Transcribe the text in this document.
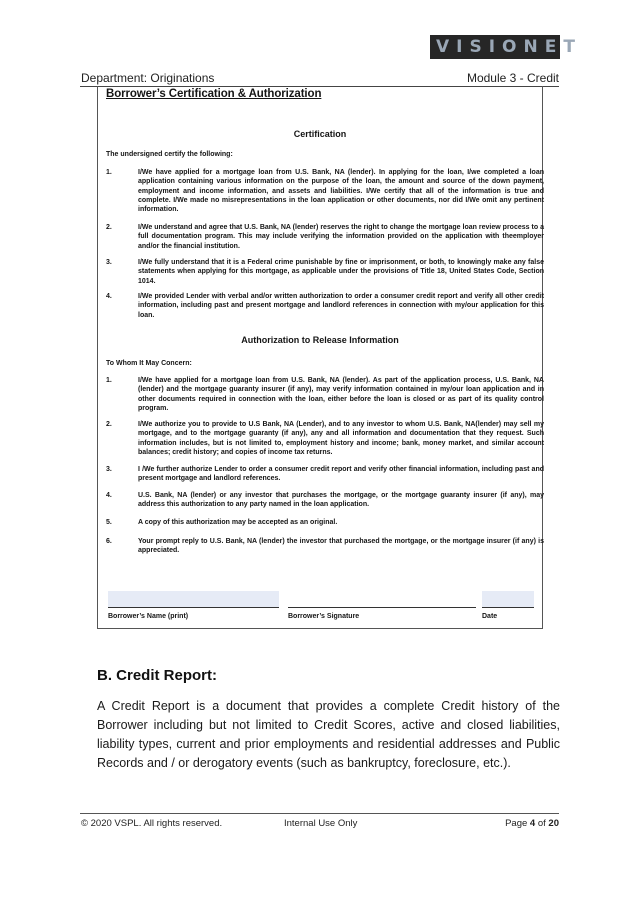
VISIONET
Department: Originations	Module 3 - Credit
Borrower’s Certification & Authorization
Certification
The undersigned certify the following:
1.	I/We have applied for a mortgage loan from U.S. Bank, NA (lender). In applying for the loan, I/we completed a loan application containing various information on the purpose of the loan, the amount and source of the down payment, employment and income information, and assets and liabilities. I/We certify that all of the information is true and complete. I/We made no misrepresentations in the loan application or other documents, nor did I/We omit any pertinent information.
2.	I/We understand and agree that U.S. Bank, NA (lender) reserves the right to change the mortgage loan review process to a full documentation program. This may include verifying the information provided on the application with theemployer and/or the financial institution.
3.	I/We fully understand that it is a Federal crime punishable by fine or imprisonment, or both, to knowingly make any false statements when applying for this mortgage, as applicable under the provisions of Title 18, United States Code, Section 1014.
4.	I/We provided Lender with verbal and/or written authorization to order a consumer credit report and verify all other credit information, including past and present mortgage and landlord references in connection with my/our application for this loan.
Authorization to Release Information
To Whom It May Concern:
1.	I/We have applied for a mortgage loan from U.S. Bank, NA (lender). As part of the application process, U.S. Bank, NA (lender) and the mortgage guaranty insurer (if any), may verify information contained in my/our loan application and in other documents required in connection with the loan, either before the loan is closed or as part of its quality control program.
2.	I/We authorize you to provide to U.S Bank, NA (Lender), and to any investor to whom U.S. Bank, NA(lender) may sell my mortgage, and to the mortgage guaranty (if any), any and all information and documentation that they request. Such information includes, but is not limited to, employment history and income; bank, money market, and similar account balances; credit history; and copies of income tax returns.
3.	I /We further authorize Lender to order a consumer credit report and verify other financial information, including past and present mortgage and landlord references.
4.	U.S. Bank, NA (lender) or any investor that purchases the mortgage, or the mortgage guaranty insurer (if any), may address this authorization to any party named in the loan application.
5.	A copy of this authorization may be accepted as an original.
6.	Your prompt reply to U.S. Bank, NA (lender) the investor that purchased the mortgage, or the mortgage insurer (if any) is appreciated.
Borrower’s Name (print)	Borrower’s Signature	Date
B. Credit Report:
A Credit Report is a document that provides a complete Credit history of the Borrower including but not limited to Credit Scores, active and closed liabilities, liability types, current and prior employments and residential addresses and Public Records and / or derogatory events (such as bankruptcy, foreclosure, etc.).
© 2020 VSPL. All rights reserved.	Internal Use Only	Page 4 of 20
